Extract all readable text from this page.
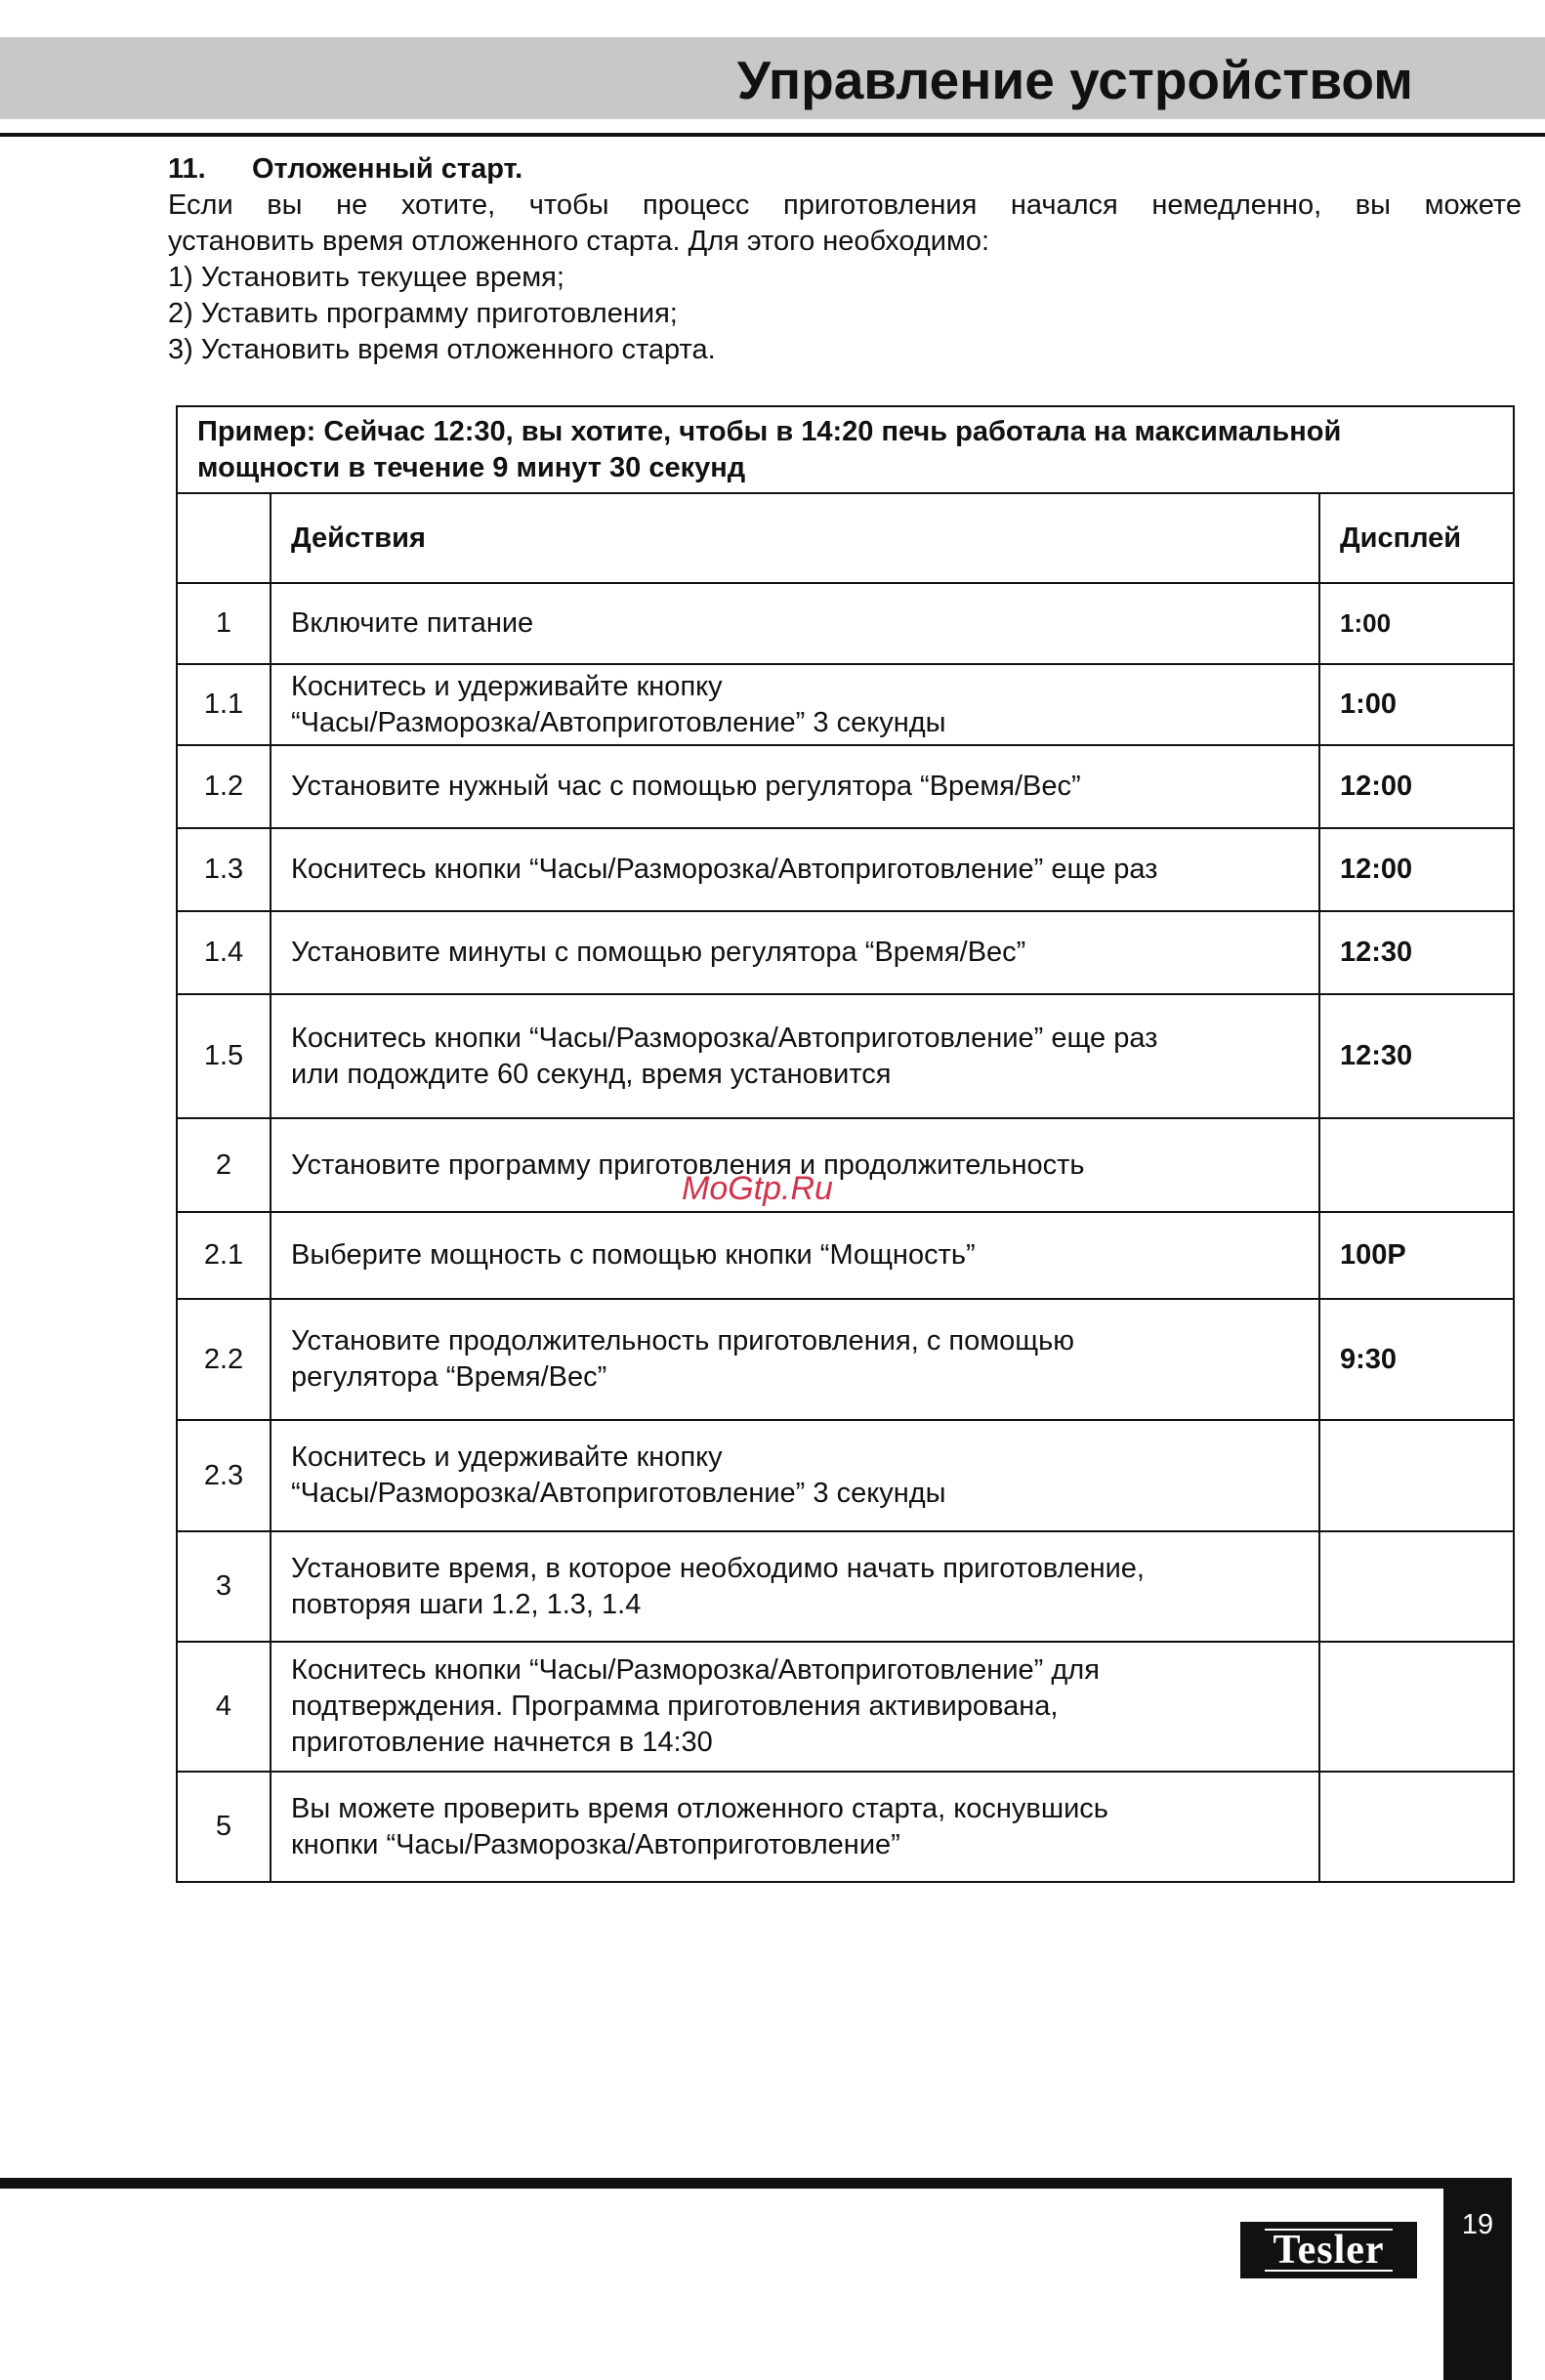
Управление устройством
11. Отложенный старт.
Если вы не хотите, чтобы процесс приготовления начался немедленно, вы можете
установить время отложенного старта. Для этого необходимо:
1) Установить текущее время;
2) Уставить программу приготовления;
3) Установить время отложенного старта.
Пример: Сейчас 12:30, вы хотите, чтобы в 14:20 печь работала на максимальной
мощности в течение 9 минут 30 секунд		

	Действия	Дисплей
1	Включите питание	1:00
1.1	Коснитесь и удерживайте кнопку
“Часы/Разморозка/Автоприготовление” 3 секунды	1:00
1.2	Установите нужный час с помощью регулятора “Время/Вес”	12:00
1.3	Коснитесь кнопки “Часы/Разморозка/Автоприготовление” еще раз	12:00
1.4	Установите минуты с помощью регулятора “Время/Вес”	12:30
1.5	Коснитесь кнопки “Часы/Разморозка/Автоприготовление” еще раз
или подождите 60 секунд, время установится	12:30
2	Установите программу приготовления и продолжительность	

2.1	Выберите мощность с помощью кнопки “Мощность”	100P
2.2	Установите продолжительность приготовления, с помощью
регулятора “Время/Вес”	9:30
2.3	Коснитесь и удерживайте кнопку
“Часы/Разморозка/Автоприготовление” 3 секунды	

3	Установите время, в которое необходимо начать приготовление,
повторяя шаги 1.2, 1.3, 1.4	

4	Коснитесь кнопки “Часы/Разморозка/Автоприготовление” для
подтверждения. Программа приготовления активирована,
приготовление начнется в 14:30	

5	Вы можете проверить время отложенного старта, коснувшись
кнопки “Часы/Разморозка/Автоприготовление”	

MoGtp.Ru
19
Tesler
